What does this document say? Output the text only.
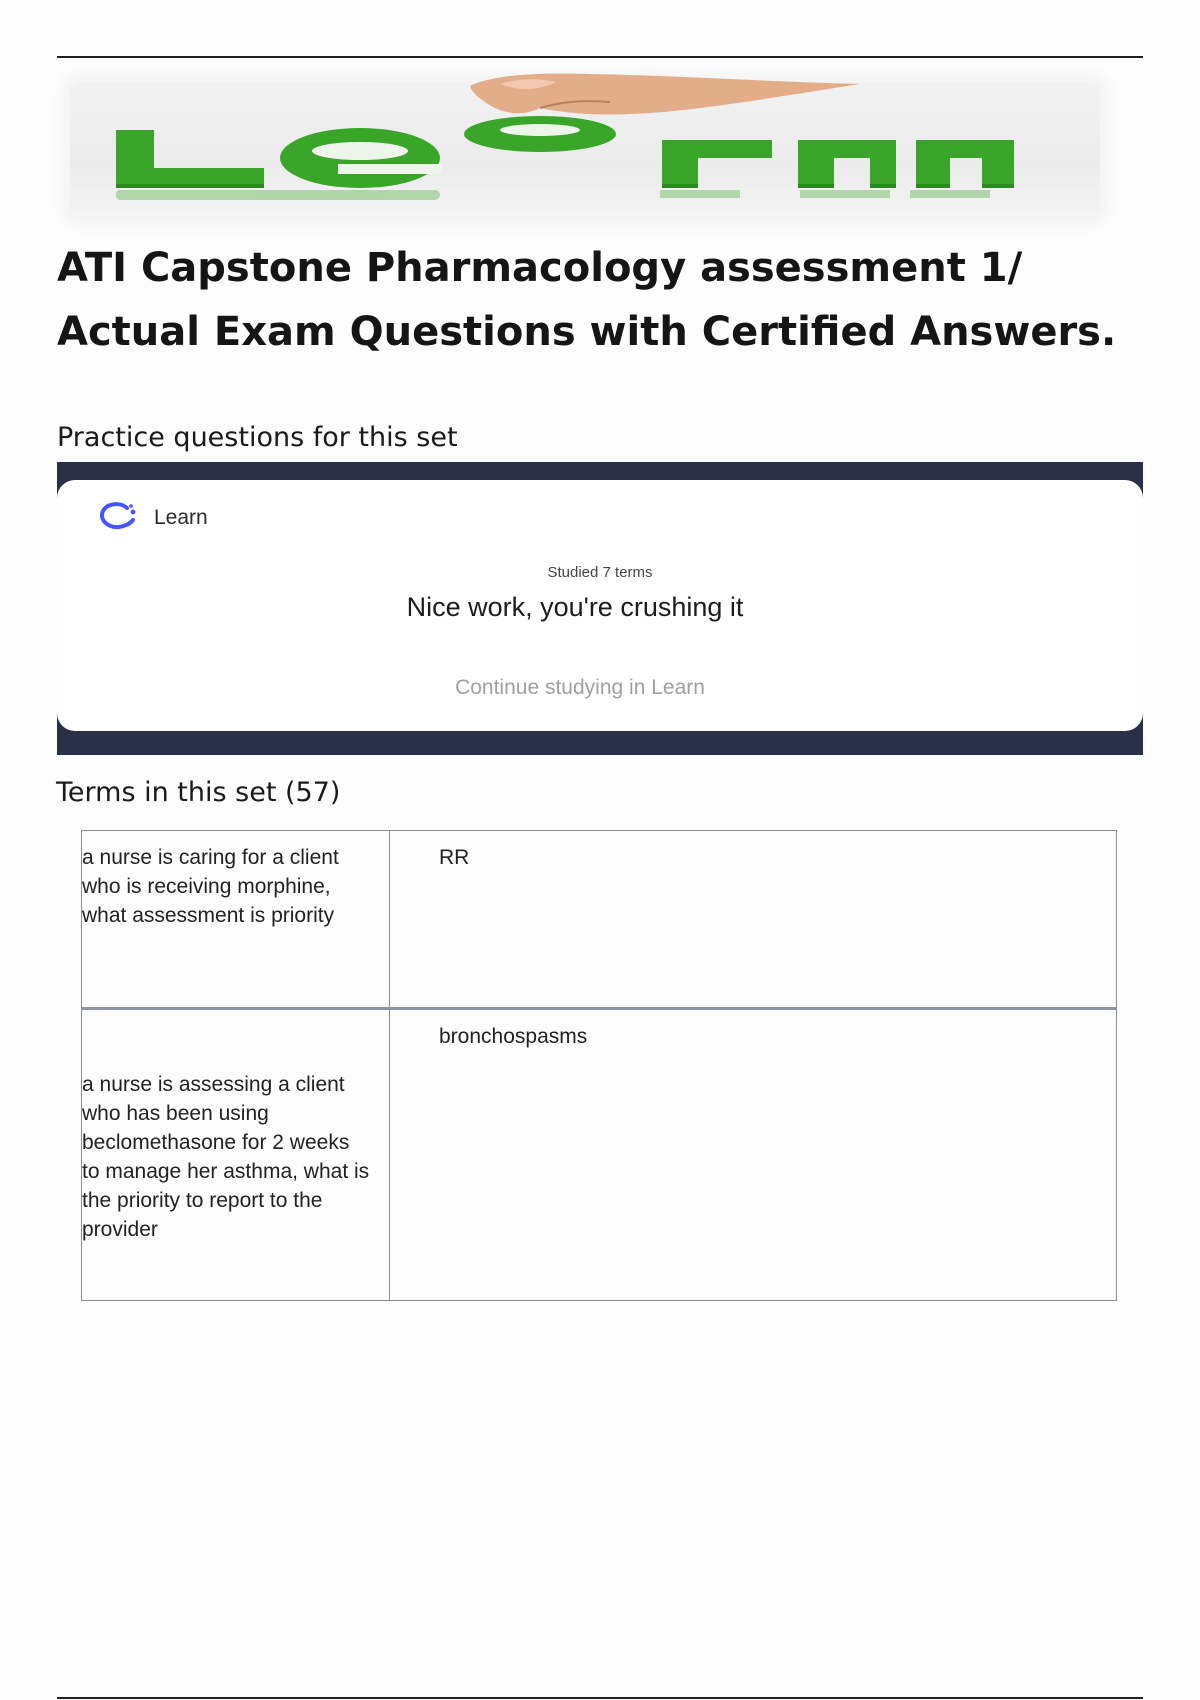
ATI Capstone Pharmacology assessment 1/
Actual Exam Questions with Certified Answers.
Practice questions for this set
Learn
Studied 7 terms
Nice work, you're crushing it
Continue studying in Learn
Terms in this set (57)
a nurse is caring for a client who is receiving morphine, what assessment is priority	RR

a nurse is assessing a client who has been using beclomethasone for 2 weeks to manage her asthma, what is the priority to report to the provider	bronchospasms
